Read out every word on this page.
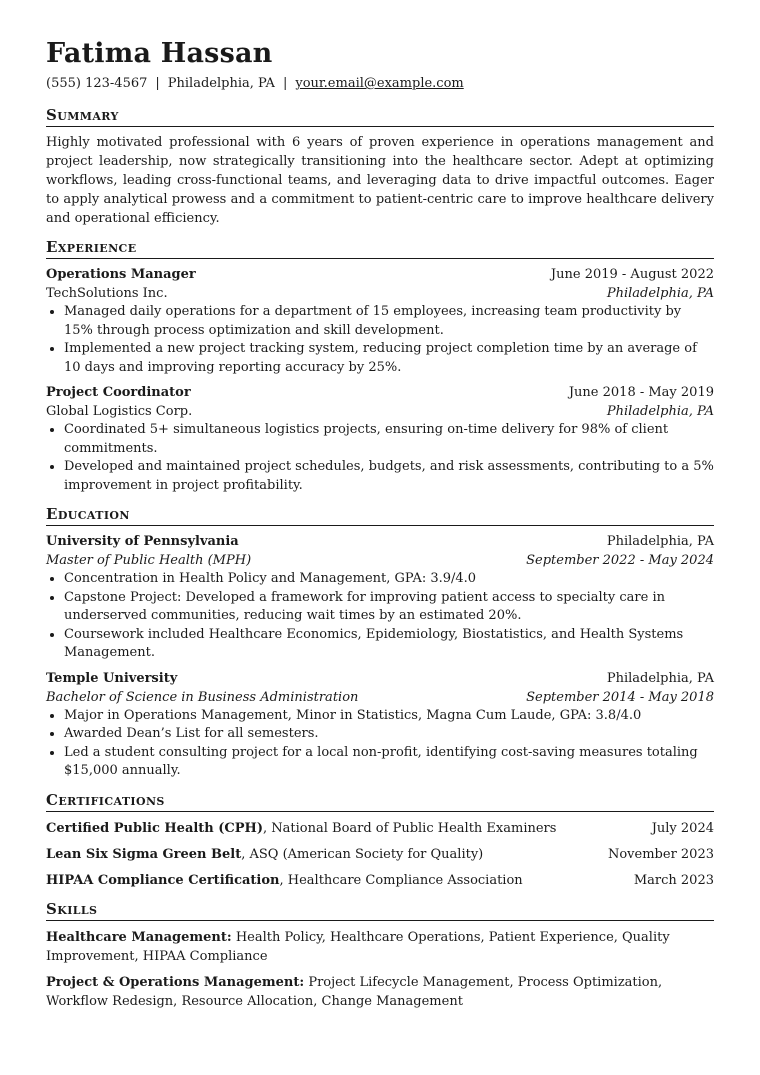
Fatima Hassan
(555) 123-4567 | Philadelphia, PA | your.email@example.com
Summary
Highly motivated professional with 6 years of proven experience in operations management and project leadership, now strategically transitioning into the healthcare sector. Adept at optimizing workflows, leading cross-functional teams, and leveraging data to drive impactful outcomes. Eager to apply analytical prowess and a commitment to patient-centric care to improve healthcare delivery and operational efficiency.
Experience
Operations Manager	June 2019 - August 2022
TechSolutions Inc.	Philadelphia, PA
• Managed daily operations for a department of 15 employees, increasing team productivity by 15% through process optimization and skill development.
• Implemented a new project tracking system, reducing project completion time by an average of 10 days and improving reporting accuracy by 25%.
Project Coordinator	June 2018 - May 2019
Global Logistics Corp.	Philadelphia, PA
• Coordinated 5+ simultaneous logistics projects, ensuring on-time delivery for 98% of client commitments.
• Developed and maintained project schedules, budgets, and risk assessments, contributing to a 5% improvement in project profitability.
Education
University of Pennsylvania	Philadelphia, PA
Master of Public Health (MPH)	September 2022 - May 2024
• Concentration in Health Policy and Management, GPA: 3.9/4.0
• Capstone Project: Developed a framework for improving patient access to specialty care in underserved communities, reducing wait times by an estimated 20%.
• Coursework included Healthcare Economics, Epidemiology, Biostatistics, and Health Systems Management.
Temple University	Philadelphia, PA
Bachelor of Science in Business Administration	September 2014 - May 2018
• Major in Operations Management, Minor in Statistics, Magna Cum Laude, GPA: 3.8/4.0
• Awarded Dean’s List for all semesters.
• Led a student consulting project for a local non-profit, identifying cost-saving measures totaling $15,000 annually.
Certifications
Certified Public Health (CPH), National Board of Public Health Examiners	July 2024
Lean Six Sigma Green Belt, ASQ (American Society for Quality)	November 2023
HIPAA Compliance Certification, Healthcare Compliance Association	March 2023
Skills
Healthcare Management: Health Policy, Healthcare Operations, Patient Experience, Quality Improvement, HIPAA Compliance
Project & Operations Management: Project Lifecycle Management, Process Optimization, Workflow Redesign, Resource Allocation, Change Management
